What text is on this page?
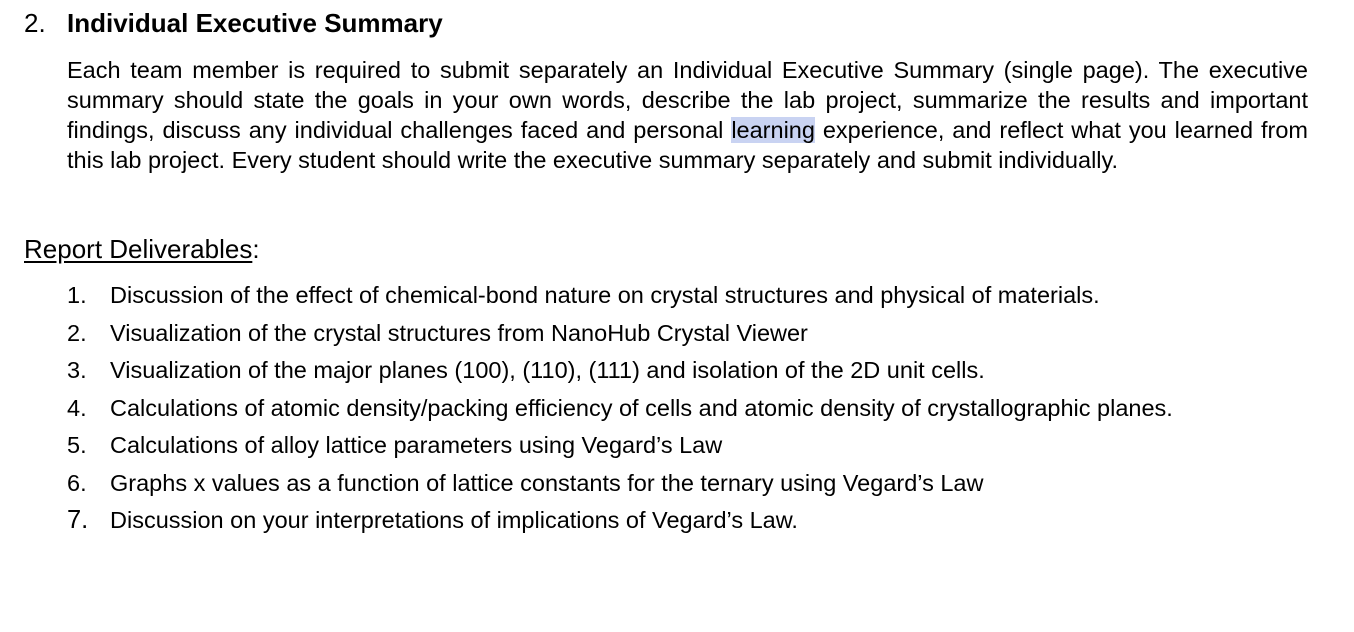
2. Individual Executive Summary

Each team member is required to submit separately an Individual Executive Summary (single page). The executive summary should state the goals in your own words, describe the lab project, summarize the results and important findings, discuss any individual challenges faced and personal learning experience, and reflect what you learned from this lab project. Every student should write the executive summary separately and submit individually.

Report Deliverables:
1. Discussion of the effect of chemical-bond nature on crystal structures and physical of materials.
2. Visualization of the crystal structures from NanoHub Crystal Viewer
3. Visualization of the major planes (100), (110), (111) and isolation of the 2D unit cells.
4. Calculations of atomic density/packing efficiency of cells and atomic density of crystallographic planes.
5. Calculations of alloy lattice parameters using Vegard’s Law
6. Graphs x values as a function of lattice constants for the ternary using Vegard’s Law
7. Discussion on your interpretations of implications of Vegard’s Law.
